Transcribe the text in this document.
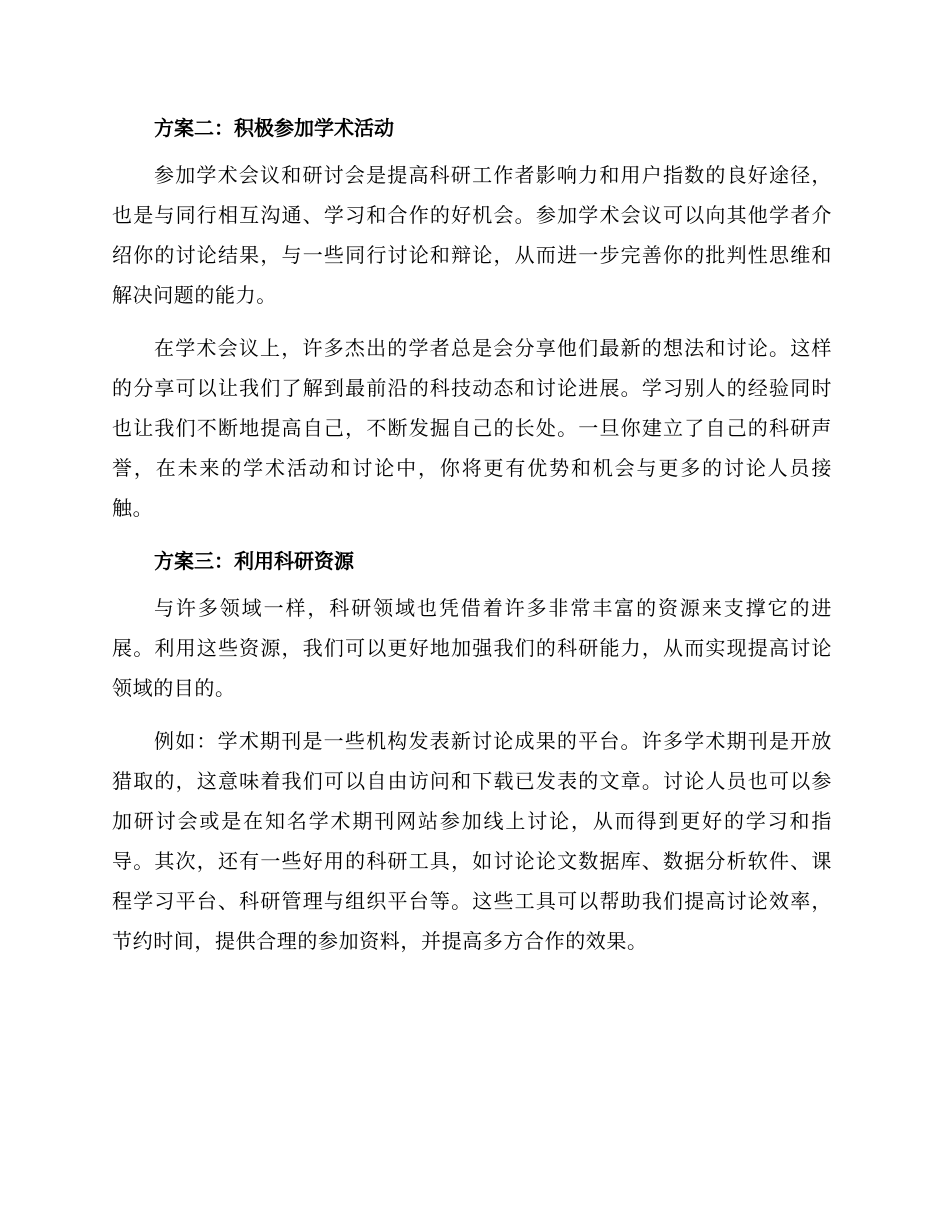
方案二：积极参加学术活动

参加学术会议和研讨会是提高科研工作者影响力和用户指数的良好途径，也是与同行相互沟通、学习和合作的好机会。参加学术会议可以向其他学者介绍你的讨论结果，与一些同行讨论和辩论，从而进一步完善你的批判性思维和解决问题的能力。

在学术会议上，许多杰出的学者总是会分享他们最新的想法和讨论。这样的分享可以让我们了解到最前沿的科技动态和讨论进展。学习别人的经验同时也让我们不断地提高自己，不断发掘自己的长处。一旦你建立了自己的科研声誉，在未来的学术活动和讨论中，你将更有优势和机会与更多的讨论人员接触。

方案三：利用科研资源

与许多领域一样，科研领域也凭借着许多非常丰富的资源来支撑它的进展。利用这些资源，我们可以更好地加强我们的科研能力，从而实现提高讨论领域的目的。

例如：学术期刊是一些机构发表新讨论成果的平台。许多学术期刊是开放猎取的，这意味着我们可以自由访问和下载已发表的文章。讨论人员也可以参加研讨会或是在知名学术期刊网站参加线上讨论，从而得到更好的学习和指导。其次，还有一些好用的科研工具，如讨论论文数据库、数据分析软件、课程学习平台、科研管理与组织平台等。这些工具可以帮助我们提高讨论效率，节约时间，提供合理的参加资料，并提高多方合作的效果。
